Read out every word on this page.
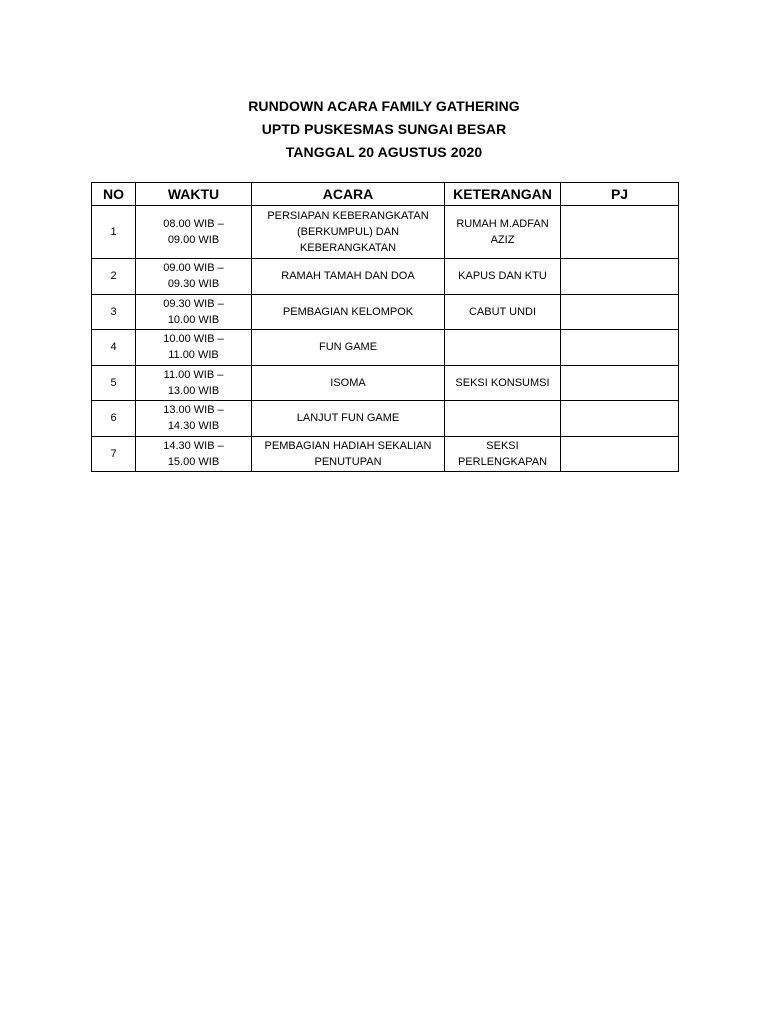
RUNDOWN ACARA FAMILY GATHERING
UPTD PUSKESMAS SUNGAI BESAR
TANGGAL 20 AGUSTUS 2020
NO	WAKTU	ACARA	KETERANGAN	PJ
1	08.00 WIB –
09.00 WIB	PERSIAPAN KEBERANGKATAN
(BERKUMPUL) DAN
KEBERANGKATAN	RUMAH M.ADFAN
AZIZ	
2	09.00 WIB –
09.30 WIB	RAMAH TAMAH DAN DOA	KAPUS DAN KTU	
3	09.30 WIB –
10.00 WIB	PEMBAGIAN KELOMPOK	CABUT UNDI	
4	10.00 WIB –
11.00 WIB	FUN GAME		
5	11.00 WIB –
13.00 WIB	ISOMA	SEKSI KONSUMSI	
6	13.00 WIB –
14.30 WIB	LANJUT FUN GAME		
7	14.30 WIB –
15.00 WIB	PEMBAGIAN HADIAH SEKALIAN
PENUTUPAN	SEKSI
PERLENGKAPAN	
